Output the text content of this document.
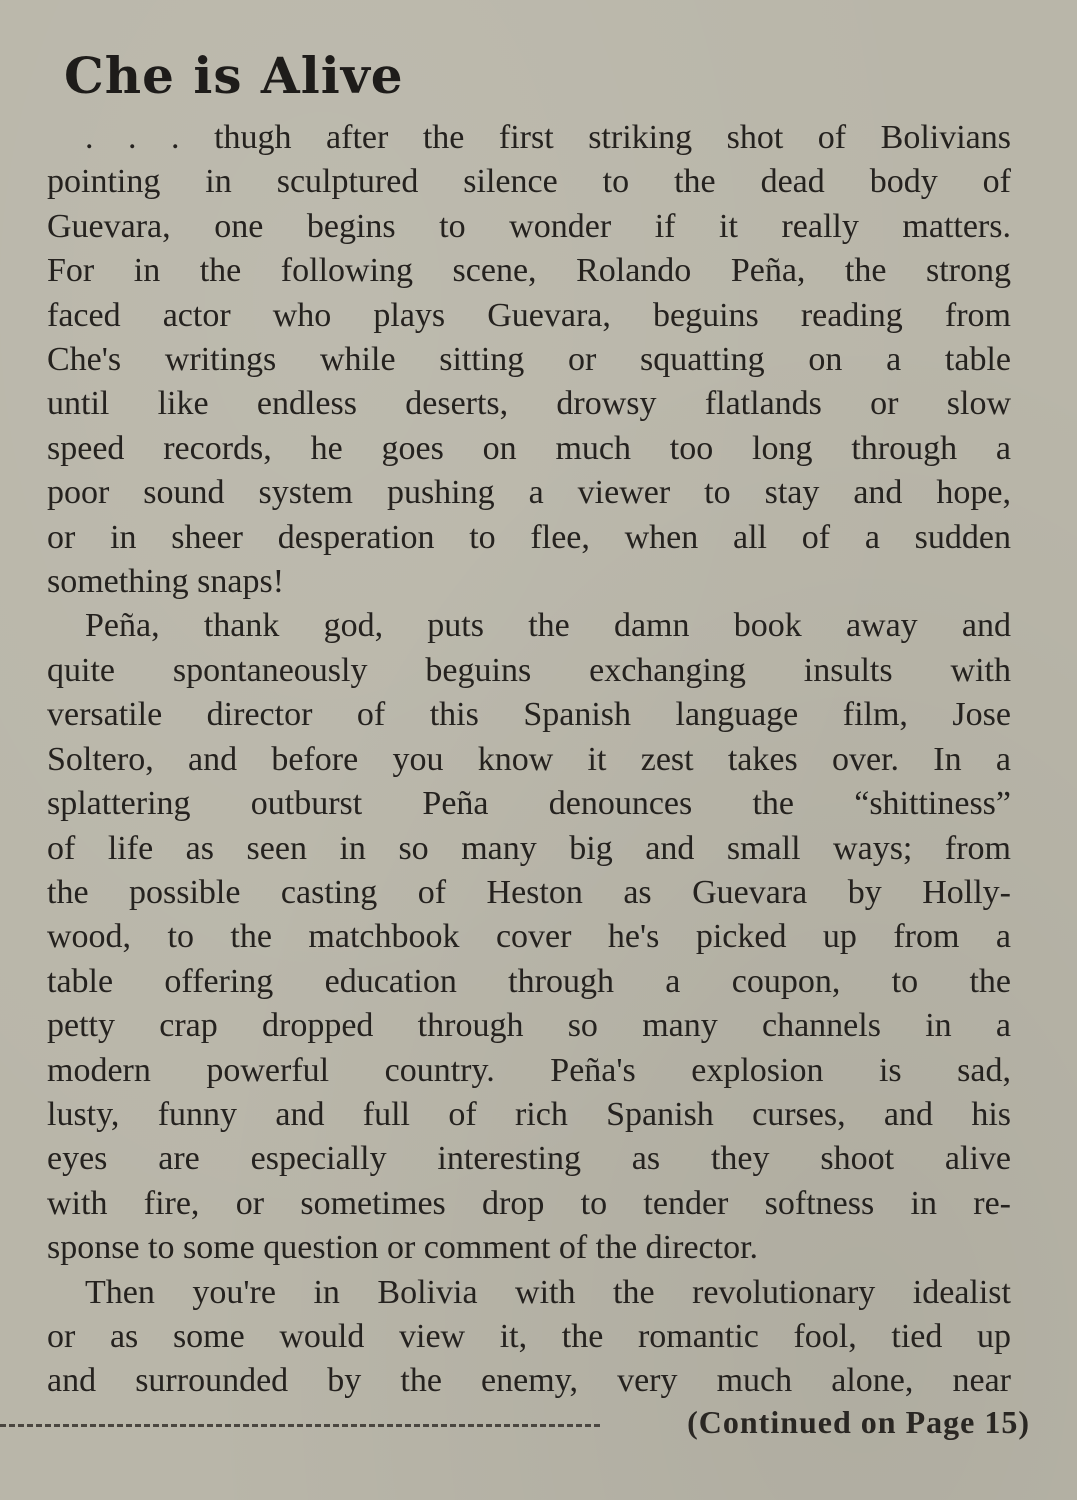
Che is Alive

. . . thugh after the first striking shot of Bolivians

pointing in sculptured silence to the dead body of

Guevara, one begins to wonder if it really matters.

For in the following scene, Rolando Peña, the strong

faced actor who plays Guevara, beguins reading from

Che's writings while sitting or squatting on a table

until like endless deserts, drowsy flatlands or slow

speed records, he goes on much too long through a

poor sound system pushing a viewer to stay and hope,

or in sheer desperation to flee, when all of a sudden

something snaps!

Peña, thank god, puts the damn book away and

quite spontaneously beguins exchanging insults with

versatile director of this Spanish language film, Jose

Soltero, and before you know it zest takes over. In a

splattering outburst Peña denounces the “shittiness”

of life as seen in so many big and small ways; from

the possible casting of Heston as Guevara by Holly-

wood, to the matchbook cover he's picked up from a

table offering education through a coupon, to the

petty crap dropped through so many channels in a

modern powerful country. Peña's explosion is sad,

lusty, funny and full of rich Spanish curses, and his

eyes are especially interesting as they shoot alive

with fire, or sometimes drop to tender softness in re-

sponse to some question or comment of the director.

Then you're in Bolivia with the revolutionary idealist

or as some would view it, the romantic fool, tied up

and surrounded by the enemy, very much alone, near

(Continued on Page 15)
